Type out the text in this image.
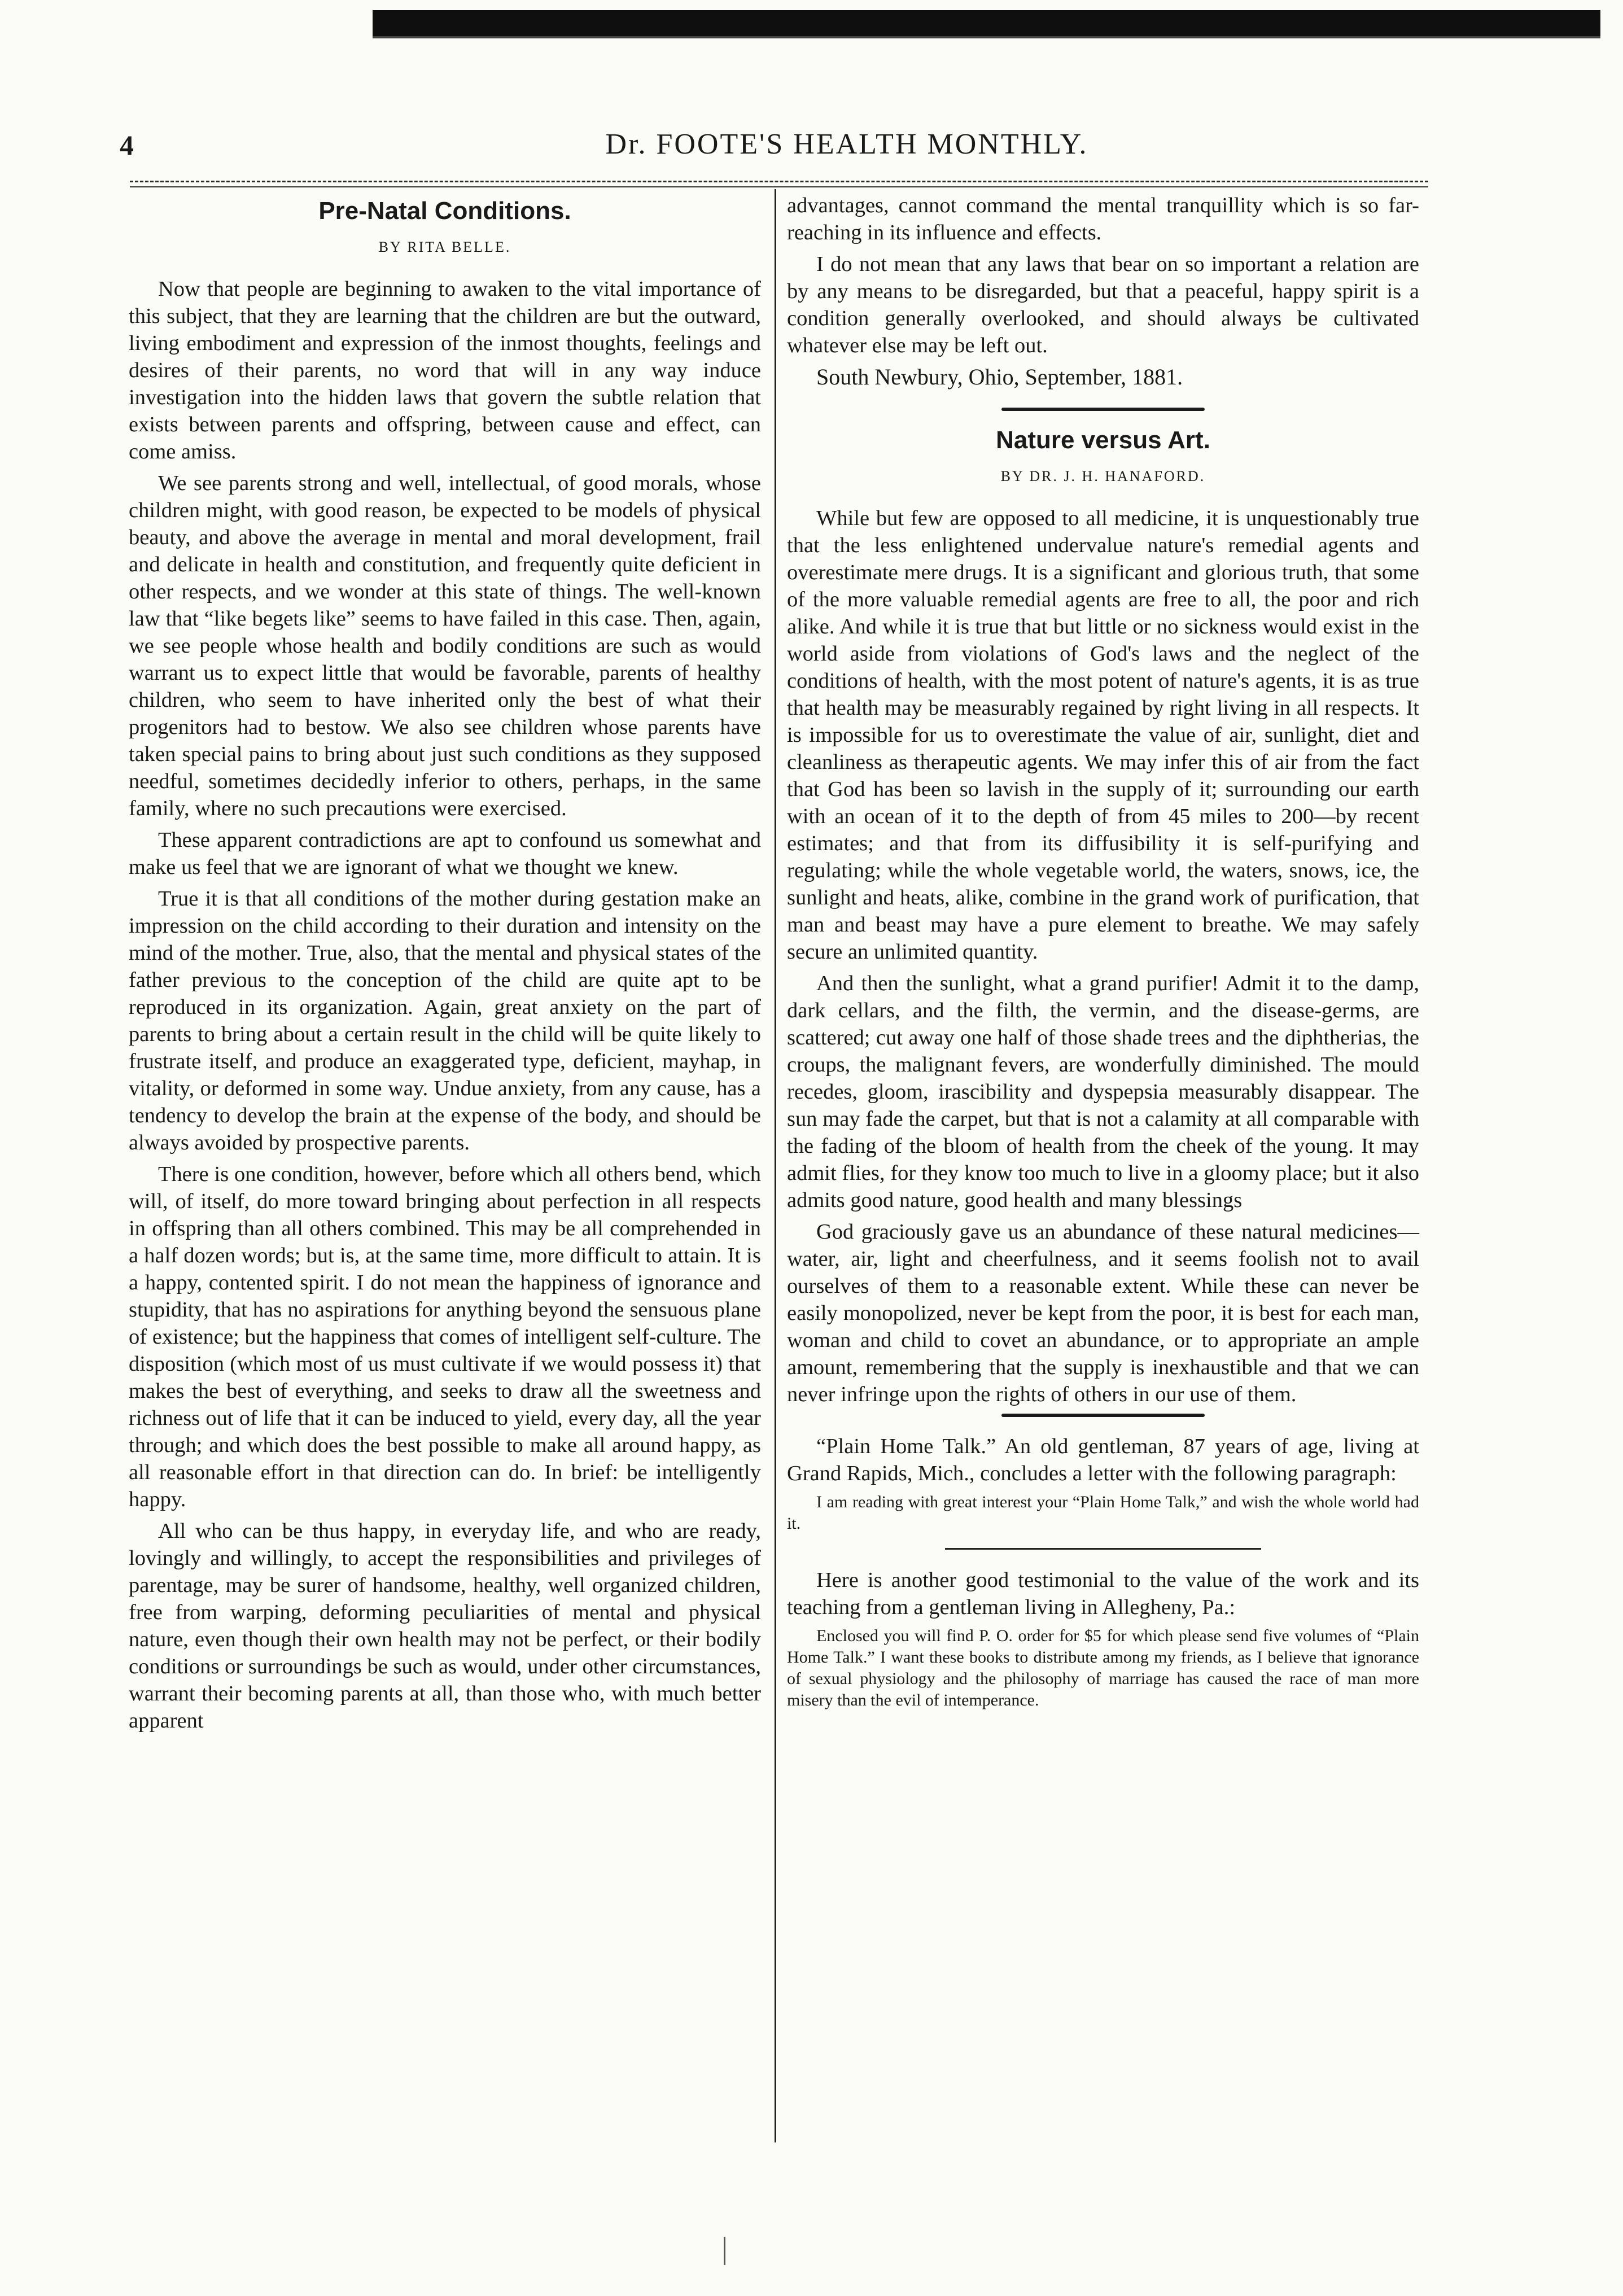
4	Dr. FOOTE'S HEALTH MONTHLY.
Pre-Natal Conditions.
BY RITA BELLE.

Now that people are beginning to awaken to the vital importance of this subject, that they are learning that the children are but the outward, living embodiment and expression of the inmost thoughts, feelings and desires of their parents, no word that will in any way induce investigation into the hidden laws that govern the subtle relation that exists between parents and offspring, between cause and effect, can come amiss.

We see parents strong and well, intellectual, of good morals, whose children might, with good reason, be expected to be models of physical beauty, and above the average in mental and moral development, frail and delicate in health and constitution, and frequently quite deficient in other respects, and we wonder at this state of things. The well-known law that “like begets like” seems to have failed in this case. Then, again, we see people whose health and bodily conditions are such as would warrant us to expect little that would be favorable, parents of healthy children, who seem to have inherited only the best of what their progenitors had to bestow. We also see children whose parents have taken special pains to bring about just such conditions as they supposed needful, sometimes decidedly inferior to others, perhaps, in the same family, where no such precautions were exercised.

These apparent contradictions are apt to confound us somewhat and make us feel that we are ignorant of what we thought we knew.

True it is that all conditions of the mother during gestation make an impression on the child according to their duration and intensity on the mind of the mother. True, also, that the mental and physical states of the father previous to the conception of the child are quite apt to be reproduced in its organization. Again, great anxiety on the part of parents to bring about a certain result in the child will be quite likely to frustrate itself, and produce an exaggerated type, deficient, mayhap, in vitality, or deformed in some way. Undue anxiety, from any cause, has a tendency to develop the brain at the expense of the body, and should be always avoided by prospective parents.

There is one condition, however, before which all others bend, which will, of itself, do more toward bringing about perfection in all respects in offspring than all others combined. This may be all comprehended in a half dozen words; but is, at the same time, more difficult to attain. It is a happy, contented spirit. I do not mean the happiness of ignorance and stupidity, that has no aspirations for anything beyond the sensuous plane of existence; but the happiness that comes of intelligent self-culture. The disposition (which most of us must cultivate if we would possess it) that makes the best of everything, and seeks to draw all the sweetness and richness out of life that it can be induced to yield, every day, all the year through; and which does the best possible to make all around happy, as all reasonable effort in that direction can do. In brief: be intelligently happy.

All who can be thus happy, in everyday life, and who are ready, lovingly and willingly, to accept the responsibilities and privileges of parentage, may be surer of handsome, healthy, well organized children, free from warping, deforming peculiarities of mental and physical nature, even though their own health may not be perfect, or their bodily conditions or surroundings be such as would, under other circumstances, warrant their becoming parents at all, than those who, with much better apparent

advantages, cannot command the mental tranquillity which is so far-reaching in its influence and effects.

I do not mean that any laws that bear on so important a relation are by any means to be disregarded, but that a peaceful, happy spirit is a condition generally overlooked, and should always be cultivated whatever else may be left out.

South Newbury, Ohio, September, 1881.
Nature versus Art.
BY DR. J. H. HANAFORD.

While but few are opposed to all medicine, it is unquestionably true that the less enlightened undervalue nature's remedial agents and overestimate mere drugs. It is a significant and glorious truth, that some of the more valuable remedial agents are free to all, the poor and rich alike. And while it is true that but little or no sickness would exist in the world aside from violations of God's laws and the neglect of the conditions of health, with the most potent of nature's agents, it is as true that health may be measurably regained by right living in all respects. It is impossible for us to overestimate the value of air, sunlight, diet and cleanliness as therapeutic agents. We may infer this of air from the fact that God has been so lavish in the supply of it; surrounding our earth with an ocean of it to the depth of from 45 miles to 200—by recent estimates; and that from its diffusibility it is self-purifying and regulating; while the whole vegetable world, the waters, snows, ice, the sunlight and heats, alike, combine in the grand work of purification, that man and beast may have a pure element to breathe. We may safely secure an unlimited quantity.

And then the sunlight, what a grand purifier! Admit it to the damp, dark cellars, and the filth, the vermin, and the disease-germs, are scattered; cut away one half of those shade trees and the diphtherias, the croups, the malignant fevers, are wonderfully diminished. The mould recedes, gloom, irascibility and dyspepsia measurably disappear. The sun may fade the carpet, but that is not a calamity at all comparable with the fading of the bloom of health from the cheek of the young. It may admit flies, for they know too much to live in a gloomy place; but it also admits good nature, good health and many blessings

God graciously gave us an abundance of these natural medicines—water, air, light and cheerfulness, and it seems foolish not to avail ourselves of them to a reasonable extent. While these can never be easily monopolized, never be kept from the poor, it is best for each man, woman and child to covet an abundance, or to appropriate an ample amount, remembering that the supply is inexhaustible and that we can never infringe upon the rights of others in our use of them.

“Plain Home Talk.” An old gentleman, 87 years of age, living at Grand Rapids, Mich., concludes a letter with the following paragraph:

I am reading with great interest your “Plain Home Talk,” and wish the whole world had it.

Here is another good testimonial to the value of the work and its teaching from a gentleman living in Allegheny, Pa.:

Enclosed you will find P. O. order for $5 for which please send five volumes of “Plain Home Talk.” I want these books to distribute among my friends, as I believe that ignorance of sexual physiology and the philosophy of marriage has caused the race of man more misery than the evil of intemperance.
